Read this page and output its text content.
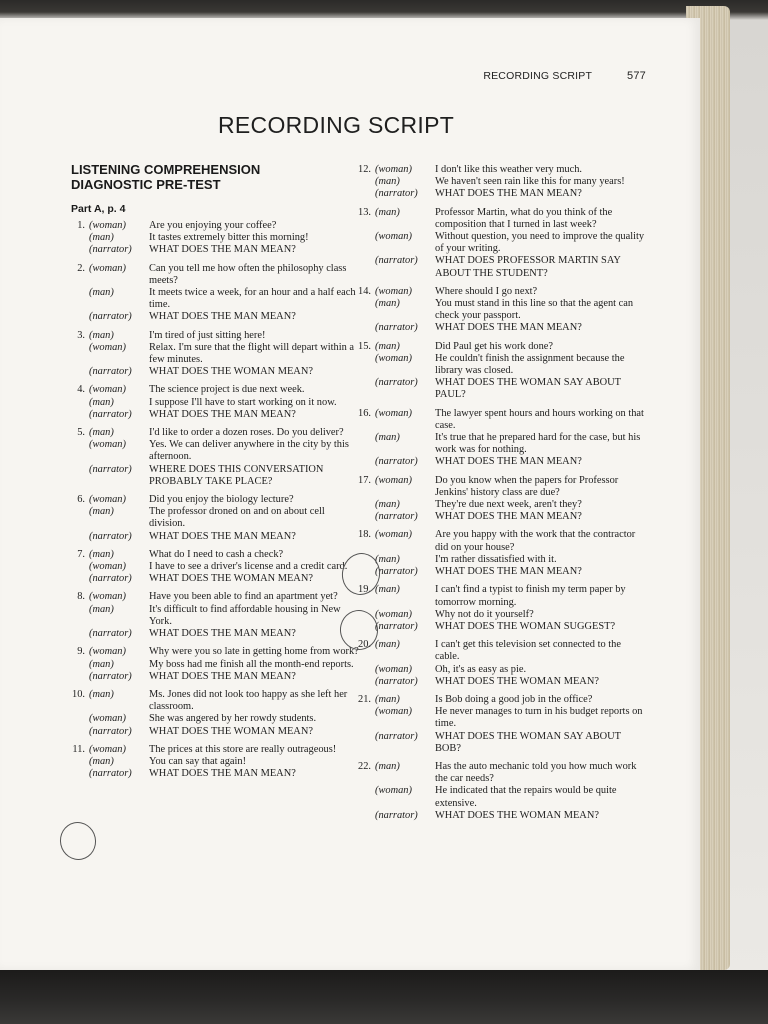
RECORDING SCRIPT	577
RECORDING SCRIPT
LISTENING COMPREHENSION
DIAGNOSTIC PRE-TEST
Part A, p. 4
1. (woman)	Are you enjoying your coffee?
(man)	It tastes extremely bitter this morning!
(narrator)	WHAT DOES THE MAN MEAN?
2. (woman)	Can you tell me how often the philosophy class meets?
(man)	It meets twice a week, for an hour and a half each time.
(narrator)	WHAT DOES THE MAN MEAN?
3. (man)	I'm tired of just sitting here!
(woman)	Relax. I'm sure that the flight will depart within a few minutes.
(narrator)	WHAT DOES THE WOMAN MEAN?
4. (woman)	The science project is due next week.
(man)	I suppose I'll have to start working on it now.
(narrator)	WHAT DOES THE MAN MEAN?
5. (man)	I'd like to order a dozen roses. Do you deliver?
(woman)	Yes. We can deliver anywhere in the city by this afternoon.
(narrator)	WHERE DOES THIS CONVERSATION PROBABLY TAKE PLACE?
6. (woman)	Did you enjoy the biology lecture?
(man)	The professor droned on and on about cell division.
(narrator)	WHAT DOES THE MAN MEAN?
7. (man)	What do I need to cash a check?
(woman)	I have to see a driver's license and a credit card.
(narrator)	WHAT DOES THE WOMAN MEAN?
8. (woman)	Have you been able to find an apartment yet?
(man)	It's difficult to find affordable housing in New York.
(narrator)	WHAT DOES THE MAN MEAN?
9. (woman)	Why were you so late in getting home from work?
(man)	My boss had me finish all the month-end reports.
(narrator)	WHAT DOES THE MAN MEAN?
10. (man)	Ms. Jones did not look too happy as she left her classroom.
(woman)	She was angered by her rowdy students.
(narrator)	WHAT DOES THE WOMAN MEAN?
11. (woman)	The prices at this store are really outrageous!
(man)	You can say that again!
(narrator)	WHAT DOES THE MAN MEAN?
12. (woman)	I don't like this weather very much.
(man)	We haven't seen rain like this for many years!
(narrator)	WHAT DOES THE MAN MEAN?
13. (man)	Professor Martin, what do you think of the composition that I turned in last week?
(woman)	Without question, you need to improve the quality of your writing.
(narrator)	WHAT DOES PROFESSOR MARTIN SAY ABOUT THE STUDENT?
14. (woman)	Where should I go next?
(man)	You must stand in this line so that the agent can check your passport.
(narrator)	WHAT DOES THE MAN MEAN?
15. (man)	Did Paul get his work done?
(woman)	He couldn't finish the assignment because the library was closed.
(narrator)	WHAT DOES THE WOMAN SAY ABOUT PAUL?
16. (woman)	The lawyer spent hours and hours working on that case.
(man)	It's true that he prepared hard for the case, but his work was for nothing.
(narrator)	WHAT DOES THE MAN MEAN?
17. (woman)	Do you know when the papers for Professor Jenkins' history class are due?
(man)	They're due next week, aren't they?
(narrator)	WHAT DOES THE MAN MEAN?
18. (woman)	Are you happy with the work that the contractor did on your house?
(man)	I'm rather dissatisfied with it.
(narrator)	WHAT DOES THE MAN MEAN?
19. (man)	I can't find a typist to finish my term paper by tomorrow morning.
(woman)	Why not do it yourself?
(narrator)	WHAT DOES THE WOMAN SUGGEST?
20. (man)	I can't get this television set connected to the cable.
(woman)	Oh, it's as easy as pie.
(narrator)	WHAT DOES THE WOMAN MEAN?
21. (man)	Is Bob doing a good job in the office?
(woman)	He never manages to turn in his budget reports on time.
(narrator)	WHAT DOES THE WOMAN SAY ABOUT BOB?
22. (man)	Has the auto mechanic told you how much work the car needs?
(woman)	He indicated that the repairs would be quite extensive.
(narrator)	WHAT DOES THE WOMAN MEAN?
